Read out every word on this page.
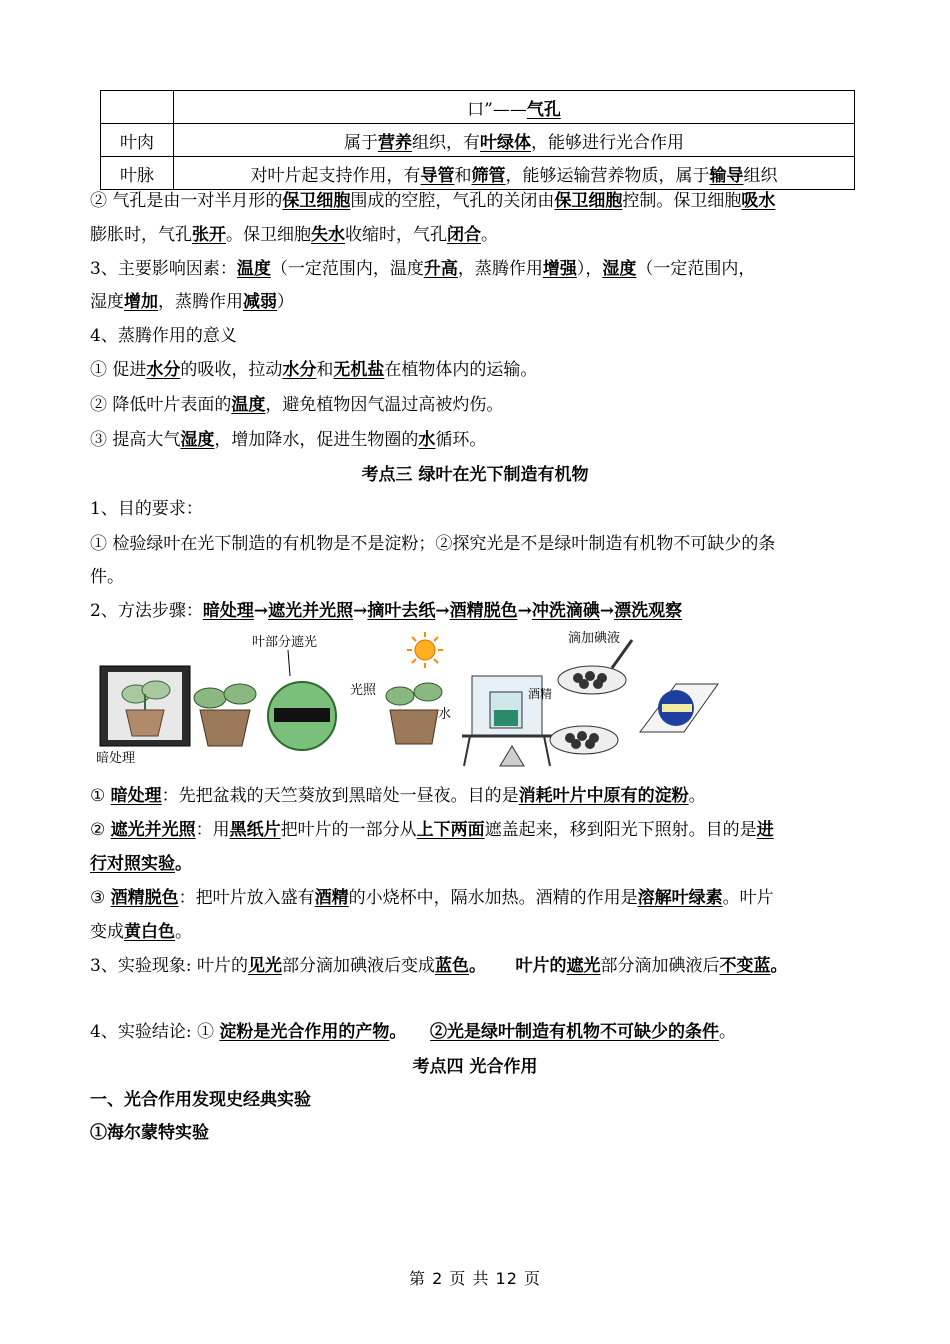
	口”——气孔
叶肉	属于营养组织，有叶绿体，能够进行光合作用
叶脉	对叶片起支持作用，有导管和筛管，能够运输营养物质，属于输导组织
② 气孔是由一对半月形的保卫细胞围成的空腔，气孔的关闭由保卫细胞控制。保卫细胞吸水
膨胀时，气孔张开。保卫细胞失水收缩时，气孔闭合。
3、主要影响因素：温度（一定范围内，温度升高，蒸腾作用增强），湿度（一定范围内，
湿度增加，蒸腾作用减弱）
4、蒸腾作用的意义
① 促进水分的吸收，拉动水分和无机盐在植物体内的运输。
② 降低叶片表面的温度，避免植物因气温过高被灼伤。
③ 提高大气湿度，增加降水，促进生物圈的水循环。
考点三 绿叶在光下制造有机物
1、目的要求：
① 检验绿叶在光下制造的有机物是不是淀粉；②探究光是不是绿叶制造有机物不可缺少的条
件。
2、方法步骤：暗处理→遮光并光照→摘叶去纸→酒精脱色→冲洗滴碘→漂洗观察
暗处理
叶部分遮光
光照
水
酒精
滴加碘液
① 暗处理：先把盆栽的天竺葵放到黑暗处一昼夜。目的是消耗叶片中原有的淀粉。
② 遮光并光照：用黑纸片把叶片的一部分从上下两面遮盖起来，移到阳光下照射。目的是进
行对照实验。
③ 酒精脱色：把叶片放入盛有酒精的小烧杯中，隔水加热。酒精的作用是溶解叶绿素。叶片
变成黄白色。
3、实验现象: 叶片的见光部分滴加碘液后变成蓝色。     叶片的遮光部分滴加碘液后不变蓝。
4、实验结论: ① 淀粉是光合作用的产物。    ②光是绿叶制造有机物不可缺少的条件。
考点四 光合作用
一、光合作用发现史经典实验
①海尔蒙特实验
第 2 页 共 12 页
